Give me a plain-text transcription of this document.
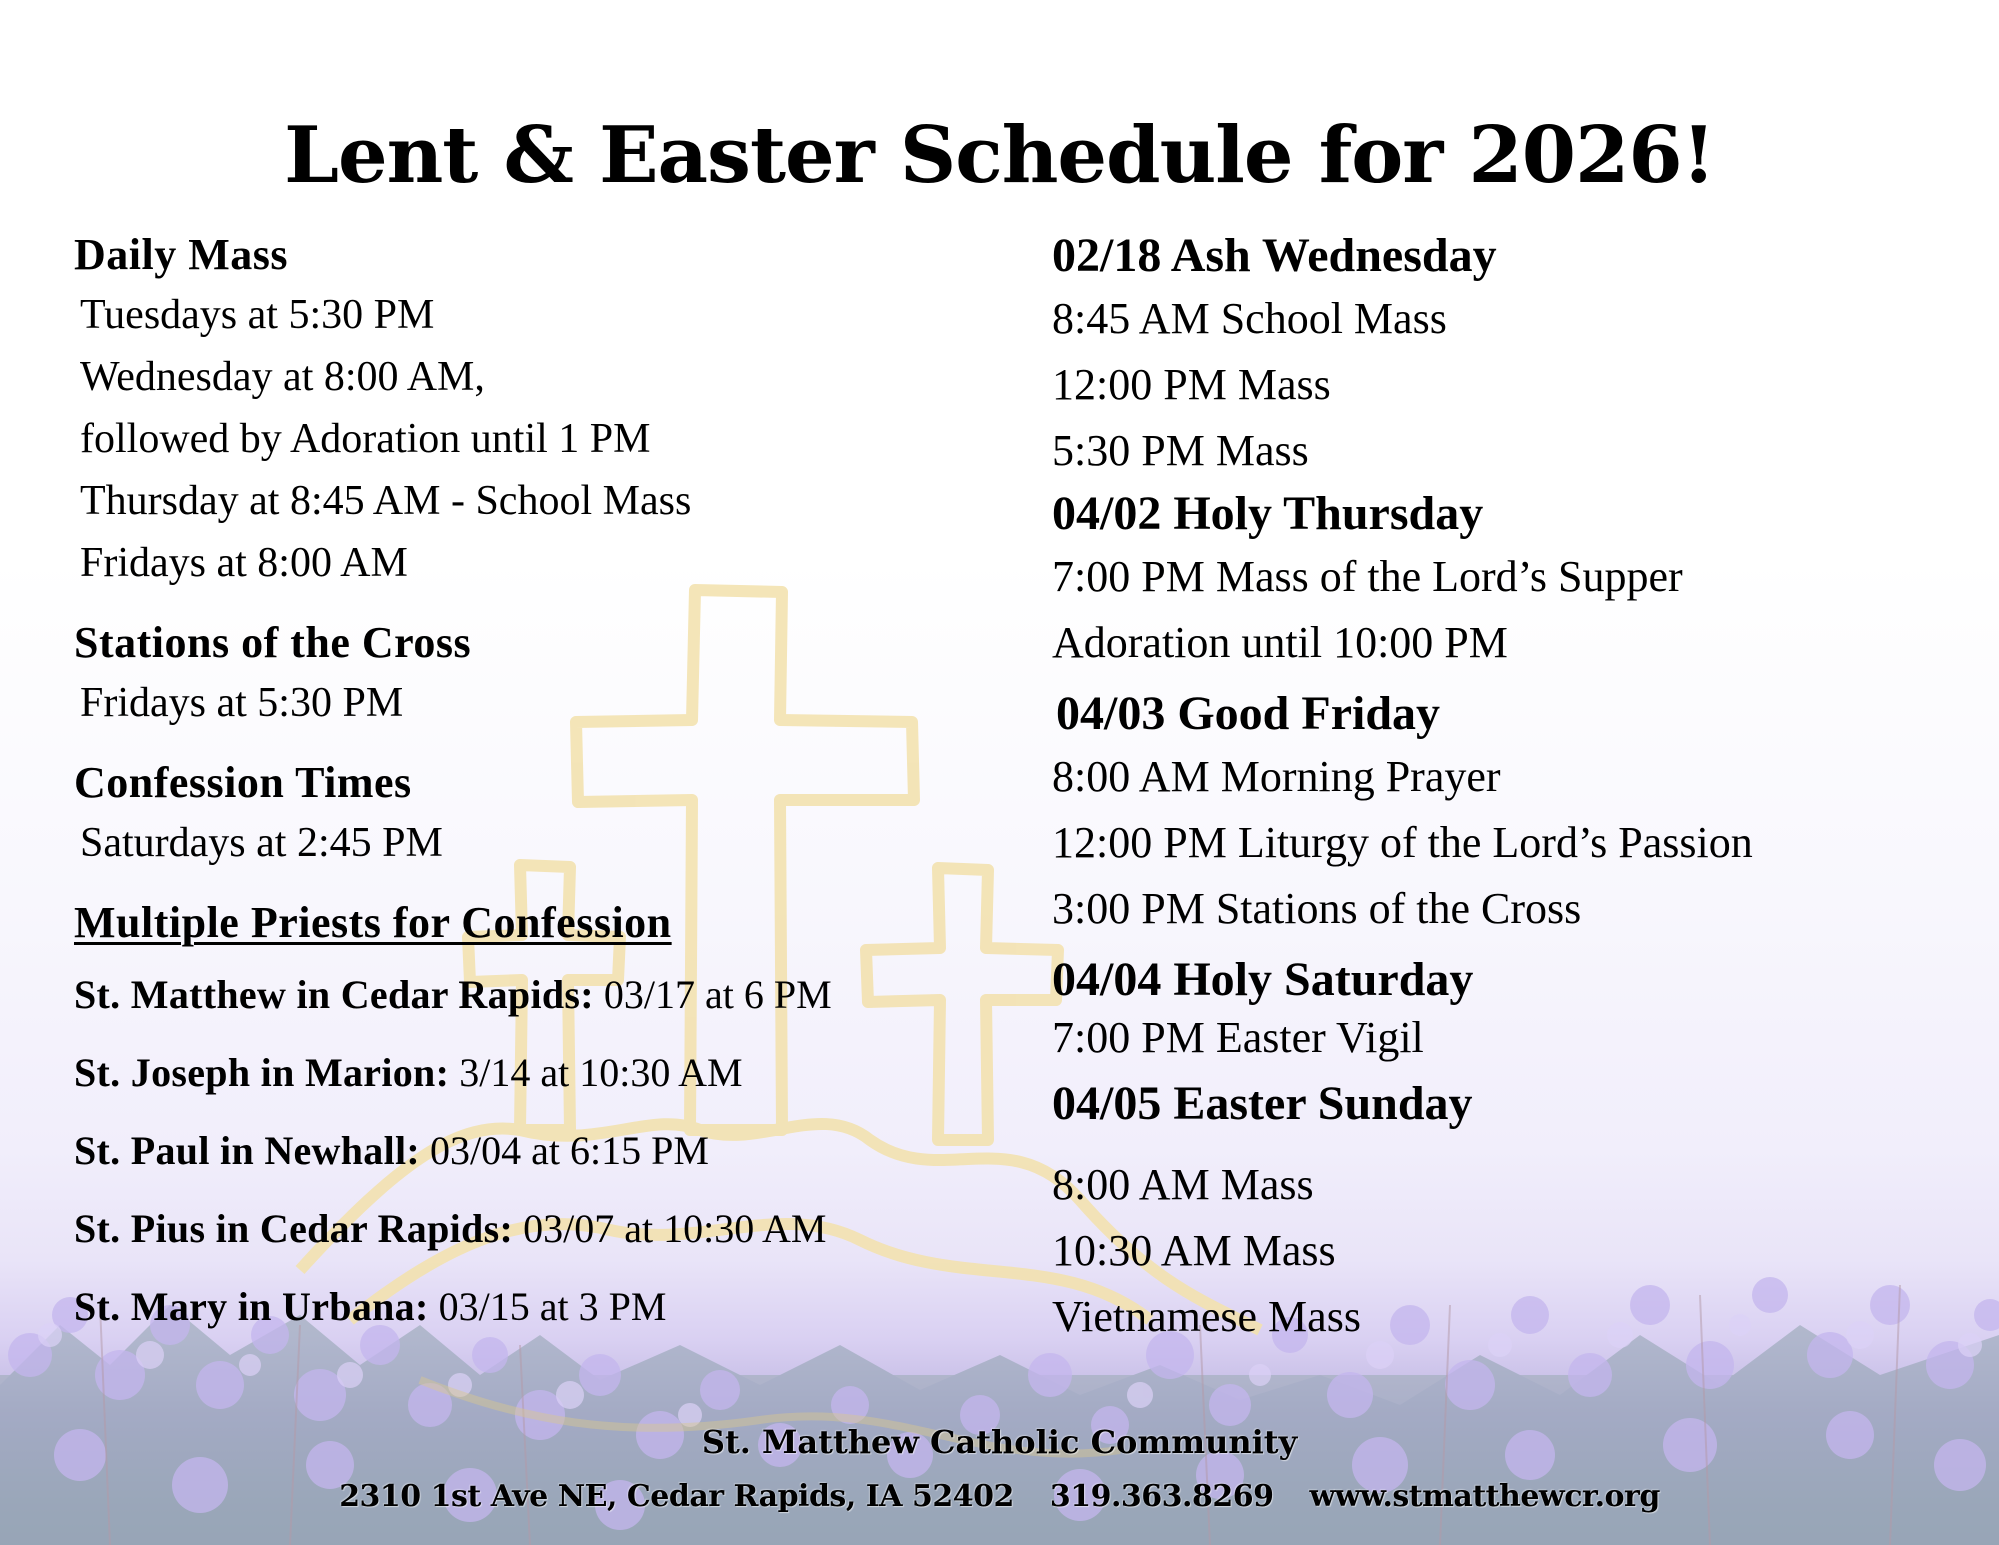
Lent & Easter Schedule for 2026!

Daily Mass

Tuesdays at 5:30 PM

Wednesday at 8:00 AM,

followed by Adoration until 1 PM

Thursday at 8:45 AM - School Mass

Fridays at 8:00 AM

Stations of the Cross

Fridays at 5:30 PM

Confession Times

Saturdays at 2:45 PM

Multiple Priests for Confession

St. Matthew in Cedar Rapids: 03/17 at 6 PM

St. Joseph in Marion: 3/14 at 10:30 AM

St. Paul in Newhall: 03/04 at 6:15 PM

St. Pius in Cedar Rapids: 03/07 at 10:30 AM

St. Mary in Urbana: 03/15 at 3 PM

02/18 Ash Wednesday

8:45 AM School Mass

12:00 PM Mass

5:30 PM Mass

04/02 Holy Thursday

7:00 PM Mass of the Lord’s Supper

Adoration until 10:00 PM

04/03 Good Friday

8:00 AM Morning Prayer

12:00 PM Liturgy of the Lord’s Passion

3:00 PM Stations of the Cross

04/04 Holy Saturday

7:00 PM Easter Vigil

04/05 Easter Sunday

8:00 AM Mass

10:30 AM Mass

Vietnamese Mass

St. Matthew Catholic Community
2310 1st Ave NE, Cedar Rapids, IA 52402 319.363.8269 www.stmatthewcr.org
